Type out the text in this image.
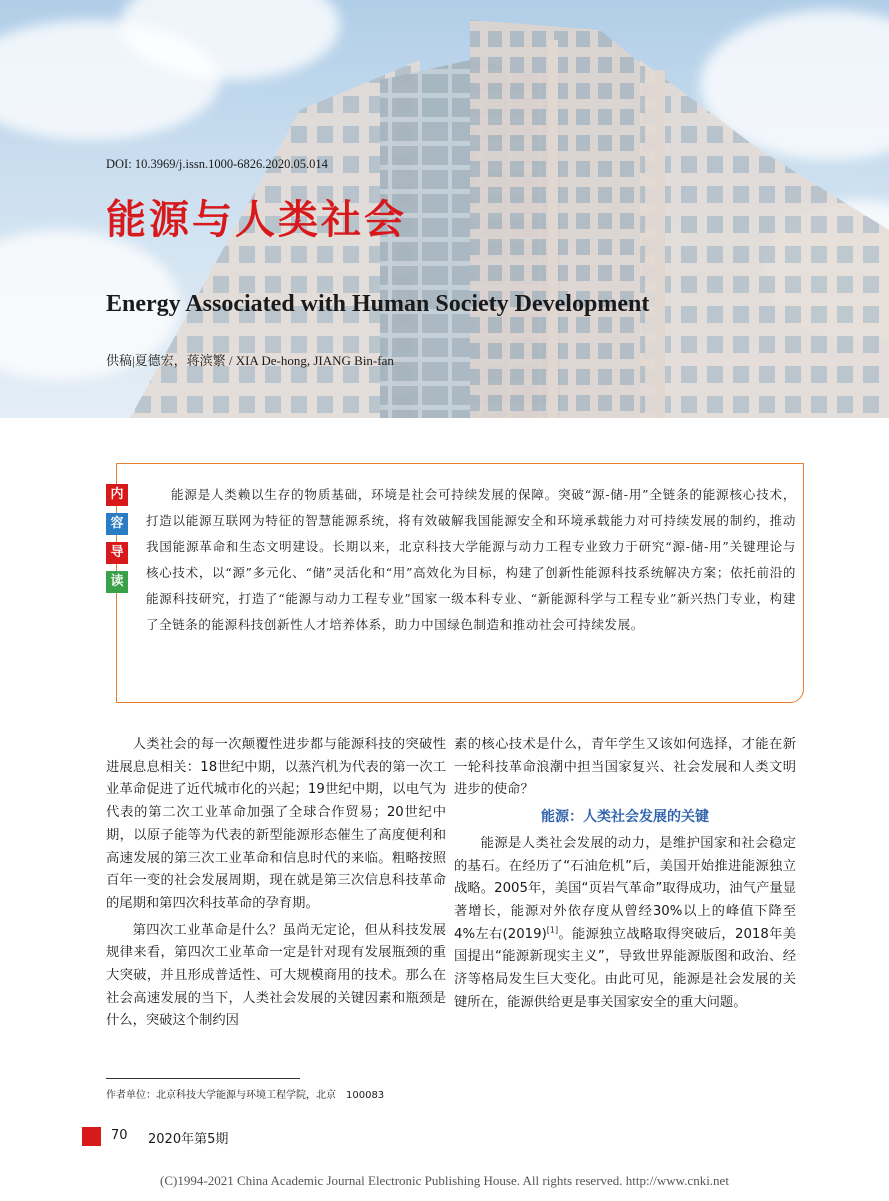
DOI: 10.3969/j.issn.1000-6826.2020.05.014
能源与人类社会
Energy Associated with Human Society Development
供稿|夏德宏，蒋滨繁 / XIA De-hong, JIANG Bin-fan
内
容
导
读

能源是人类赖以生存的物质基础，环境是社会可持续发展的保障。突破“源-储-用”全链条的能源核心技术，打造以能源互联网为特征的智慧能源系统，将有效破解我国能源安全和环境承载能力对可持续发展的制约，推动我国能源革命和生态文明建设。长期以来，北京科技大学能源与动力工程专业致力于研究“源-储-用”关键理论与核心技术，以“源”多元化、“储”灵活化和“用”高效化为目标，构建了创新性能源科技系统解决方案；依托前沿的能源科技研究，打造了“能源与动力工程专业”国家一级本科专业、“新能源科学与工程专业”新兴热门专业，构建了全链条的能源科技创新性人才培养体系，助力中国绿色制造和推动社会可持续发展。

人类社会的每一次颠覆性进步都与能源科技的突破性进展息息相关：18世纪中期，以蒸汽机为代表的第一次工业革命促进了近代城市化的兴起；19世纪中期，以电气为代表的第二次工业革命加强了全球合作贸易；20世纪中期，以原子能等为代表的新型能源形态催生了高度便利和高速发展的第三次工业革命和信息时代的来临。粗略按照百年一变的社会发展周期，现在就是第三次信息科技革命的尾期和第四次科技革命的孕育期。

第四次工业革命是什么？虽尚无定论，但从科技发展规律来看，第四次工业革命一定是针对现有发展瓶颈的重大突破，并且形成普适性、可大规模商用的技术。那么在社会高速发展的当下，人类社会发展的关键因素和瓶颈是什么，突破这个制约因

素的核心技术是什么，青年学生又该如何选择，才能在新一轮科技革命浪潮中担当国家复兴、社会发展和人类文明进步的使命？

能源：人类社会发展的关键

能源是人类社会发展的动力，是维护国家和社会稳定的基石。在经历了“石油危机”后，美国开始推进能源独立战略。2005年，美国“页岩气革命”取得成功，油气产量显著增长，能源对外依存度从曾经30%以上的峰值下降至4%左右(2019)[1]。能源独立战略取得突破后，2018年美国提出“能源新现实主义”，导致世界能源版图和政治、经济等格局发生巨大变化。由此可见，能源是社会发展的关键所在，能源供给更是事关国家安全的重大问题。

作者单位：北京科技大学能源与环境工程学院，北京　100083
70 2020年第5期
(C)1994-2021 China Academic Journal Electronic Publishing House. All rights reserved. http://www.cnki.net
